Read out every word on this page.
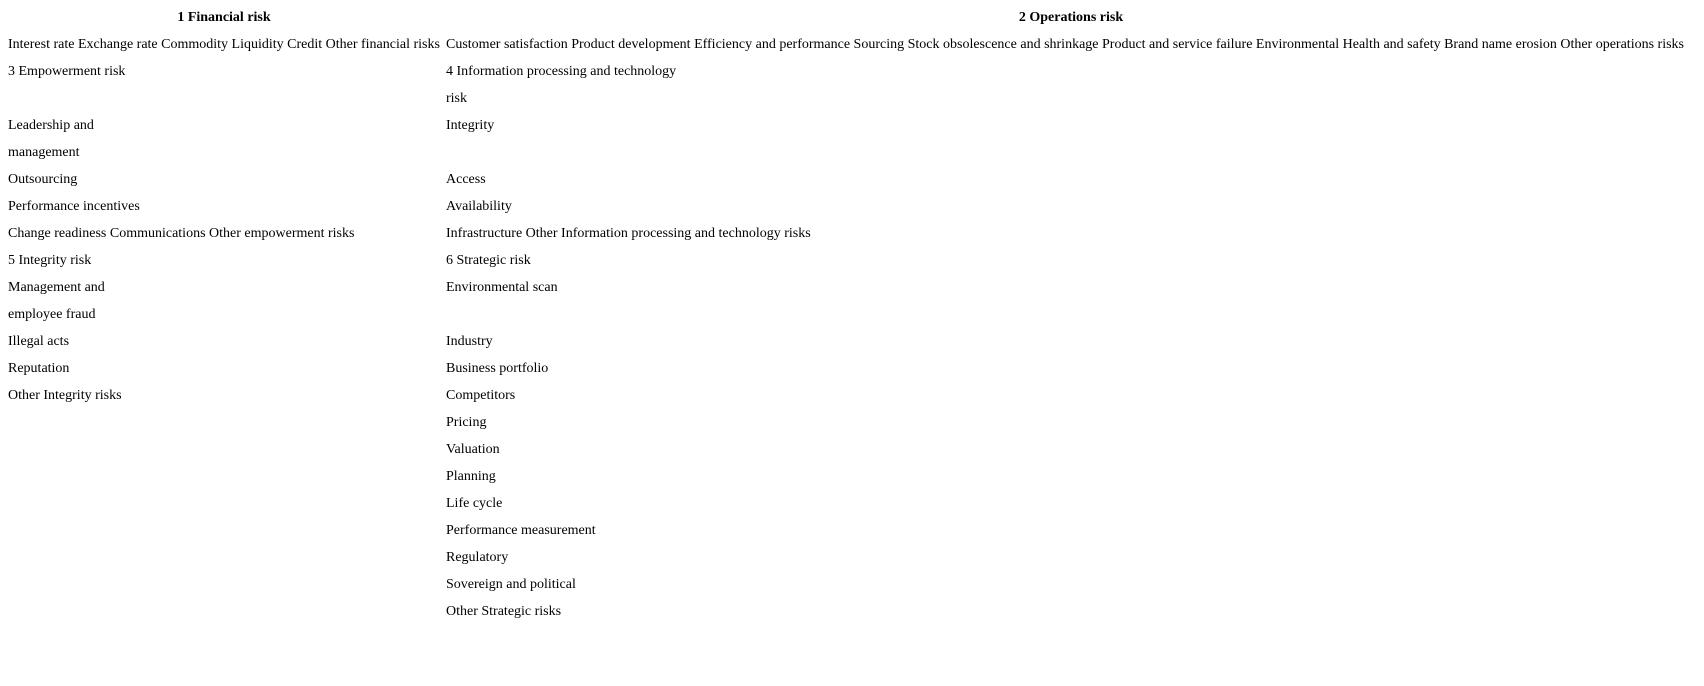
1 Financial risk
Interest rate Exchange rate Commodity Liquidity Credit Other financial risks
3 Empowerment risk
Leadership and
management
Outsourcing
Performance incentives
Change readiness Communications Other empowerment risks
5 Integrity risk
Management and
employee fraud
Illegal acts
Reputation
Other Integrity risks
2 Operations risk
Customer satisfaction Product development Efficiency and performance Sourcing Stock obsolescence and shrinkage Product and service failure Environmental Health and safety Brand name erosion Other operations risks
4 Information processing and technology
risk
Integrity
Access
Availability
Infrastructure Other Information processing and technology risks
6 Strategic risk
Environmental scan
Industry
Business portfolio
Competitors
Pricing
Valuation
Planning
Life cycle
Performance measurement
Regulatory
Sovereign and political
Other Strategic risks
